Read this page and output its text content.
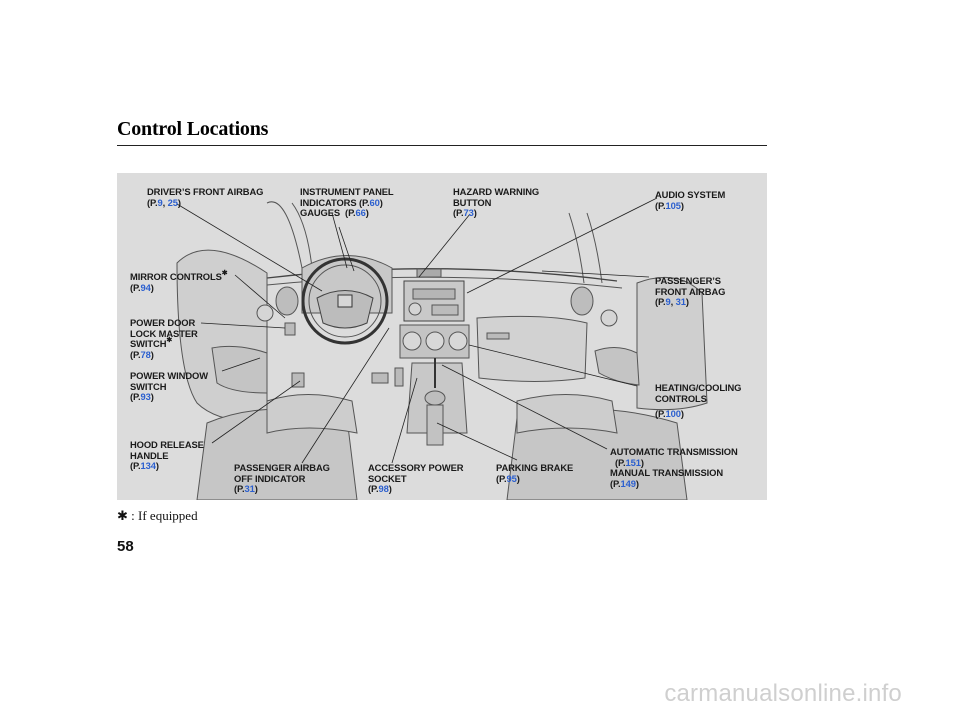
Control Locations
DRIVER’S FRONT AIRBAG
(P.9, 25)
INSTRUMENT PANEL
INDICATORS (P.60)
GAUGES (P.66)
HAZARD WARNING
BUTTON
(P.73)
AUDIO SYSTEM
(P.105)
MIRROR CONTROLS✱
(P.94)
PASSENGER’S
FRONT AIRBAG
(P.9, 31)
POWER DOOR
LOCK MASTER
SWITCH✱
(P.78)
POWER WINDOW
SWITCH
(P.93)
HEATING/COOLING
CONTROLS
(P.100)
HOOD RELEASE
HANDLE
(P.134)
AUTOMATIC TRANSMISSION
(P.151)
MANUAL TRANSMISSION
(P.149)
PASSENGER AIRBAG
OFF INDICATOR
(P.31)
ACCESSORY POWER
SOCKET
(P.98)
PARKING BRAKE
(P.95)
✱ : If equipped
58
carmanualsonline.info
